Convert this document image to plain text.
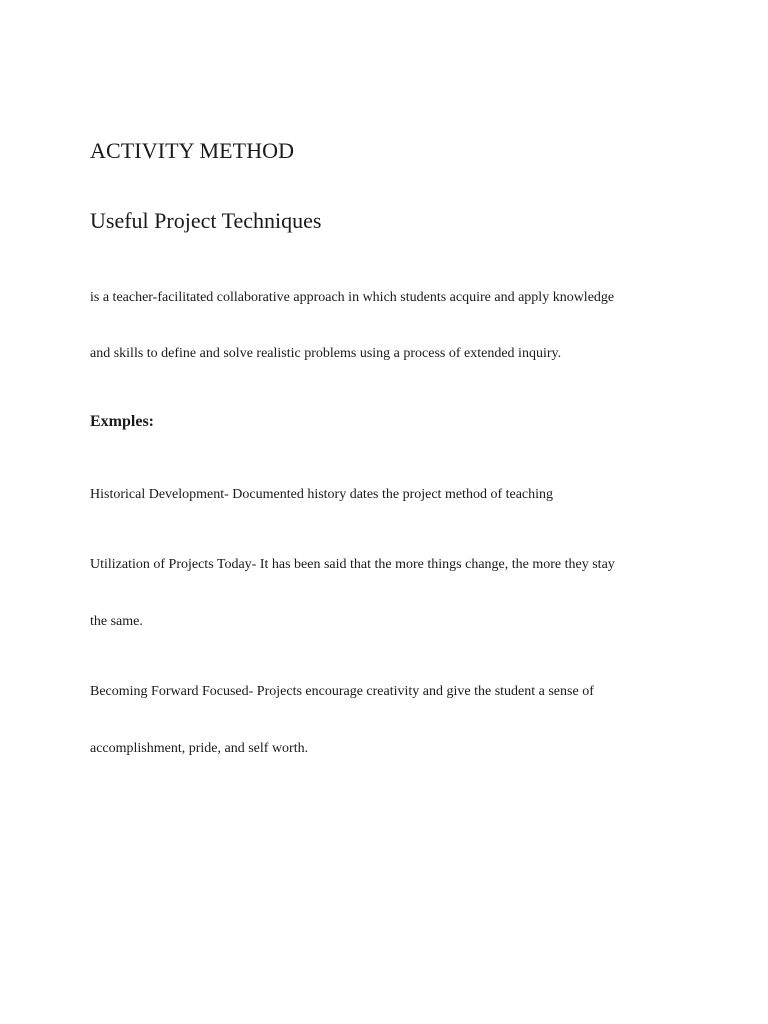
ACTIVITY METHOD
Useful Project Techniques

is a teacher-facilitated collaborative approach in which students acquire and apply knowledge

and skills to define and solve realistic problems using a process of extended inquiry.

Exmples:

Historical Development- Documented history dates the project method of teaching

Utilization of Projects Today- It has been said that the more things change, the more they stay

the same.

Becoming Forward Focused- Projects encourage creativity and give the student a sense of

accomplishment, pride, and self worth.
